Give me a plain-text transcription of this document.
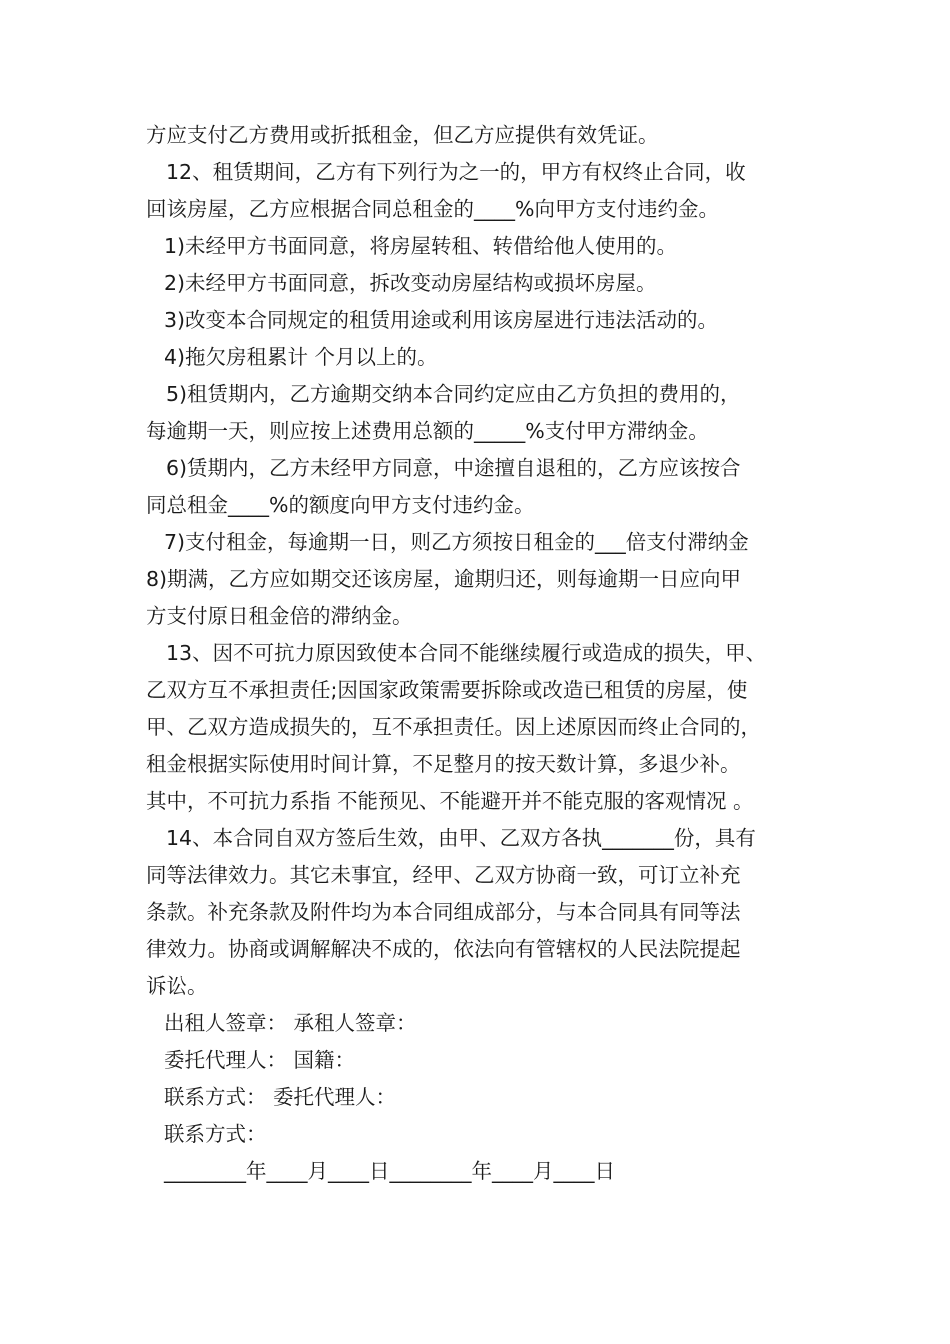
方应支付乙方费用或折抵租金，但乙方应提供有效凭证。
12、租赁期间，乙方有下列行为之一的，甲方有权终止合同，收
回该房屋，乙方应根据合同总租金的____%向甲方支付违约金。
1)未经甲方书面同意，将房屋转租、转借给他人使用的。
2)未经甲方书面同意，拆改变动房屋结构或损坏房屋。
3)改变本合同规定的租赁用途或利用该房屋进行违法活动的。
4)拖欠房租累计 个月以上的。
5)租赁期内，乙方逾期交纳本合同约定应由乙方负担的费用的，
每逾期一天，则应按上述费用总额的_____%支付甲方滞纳金。
6)赁期内，乙方未经甲方同意，中途擅自退租的，乙方应该按合
同总租金____%的额度向甲方支付违约金。
7)支付租金，每逾期一日，则乙方须按日租金的___倍支付滞纳金
8)期满，乙方应如期交还该房屋，逾期归还，则每逾期一日应向甲
方支付原日租金倍的滞纳金。
13、因不可抗力原因致使本合同不能继续履行或造成的损失，甲、
乙双方互不承担责任;因国家政策需要拆除或改造已租赁的房屋，使
甲、乙双方造成损失的，互不承担责任。因上述原因而终止合同的，
租金根据实际使用时间计算，不足整月的按天数计算，多退少补。
其中，不可抗力系指 不能预见、不能避开并不能克服的客观情况 。
14、本合同自双方签后生效，由甲、乙双方各执_______份，具有
同等法律效力。其它未事宜，经甲、乙双方协商一致，可订立补充
条款。补充条款及附件均为本合同组成部分，与本合同具有同等法
律效力。协商或调解解决不成的，依法向有管辖权的人民法院提起
诉讼。
出租人签章： 承租人签章：
委托代理人： 国籍：
联系方式： 委托代理人：
联系方式：
________年____月____日________年____月____日
